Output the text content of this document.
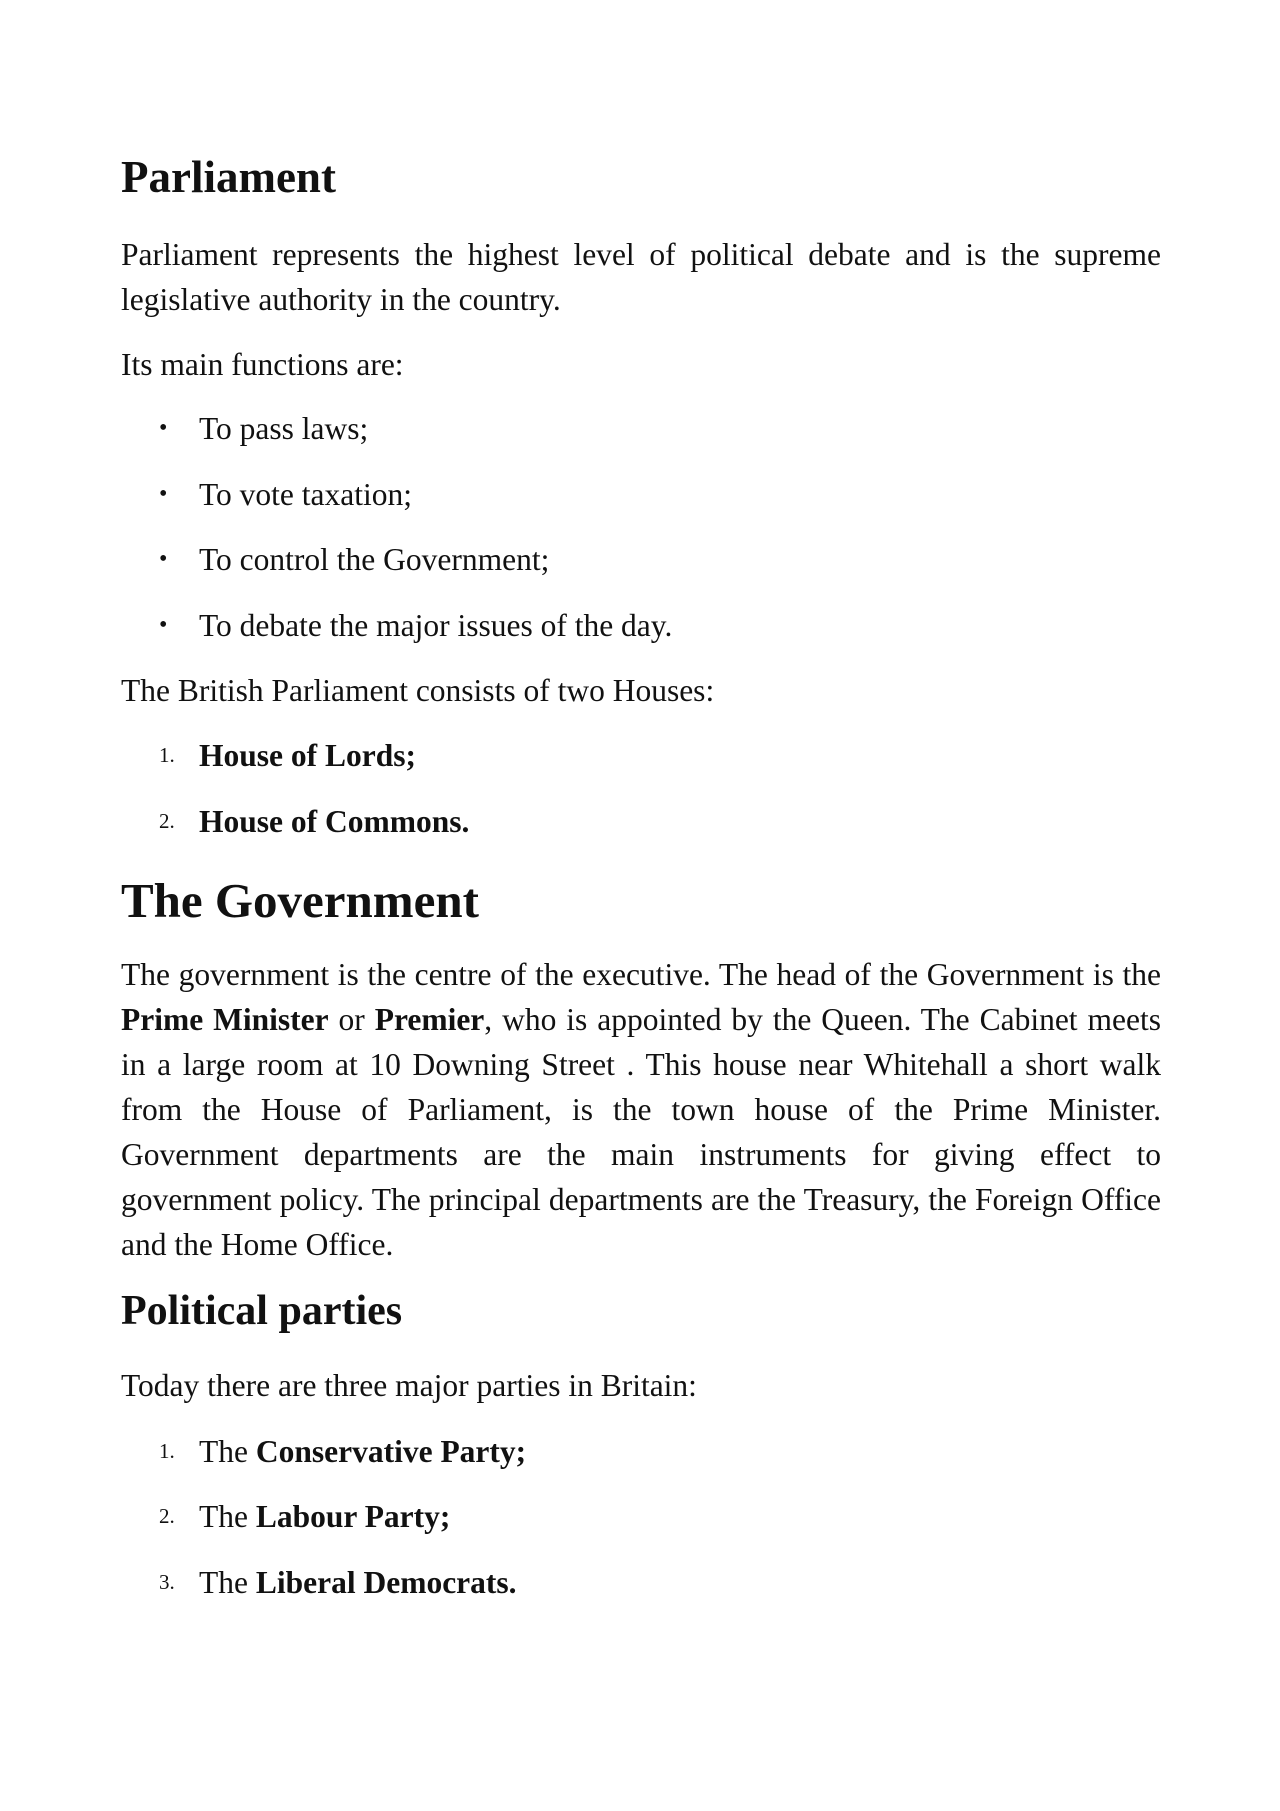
Parliament

Parliament represents the highest level of political debate and is the supreme legislative authority in the country.

Its main functions are:

• To pass laws;
• To vote taxation;
• To control the Government;
• To debate the major issues of the day.

The British Parliament consists of two Houses:

1. House of Lords;
2. House of Commons.
The Government

The government is the centre of the executive. The head of the Government is the Prime Minister or Premier, who is appointed by the Queen. The Cabinet meets in a large room at 10 Downing Street . This house near Whitehall a short walk from the House of Parliament, is the town house of the Prime Minister. Government departments are the main instruments for giving effect to government policy. The principal departments are the Treasury, the Foreign Office and the Home Office.

Political parties

Today there are three major parties in Britain:

1. The Conservative Party;
2. The Labour Party;
3. The Liberal Democrats.
